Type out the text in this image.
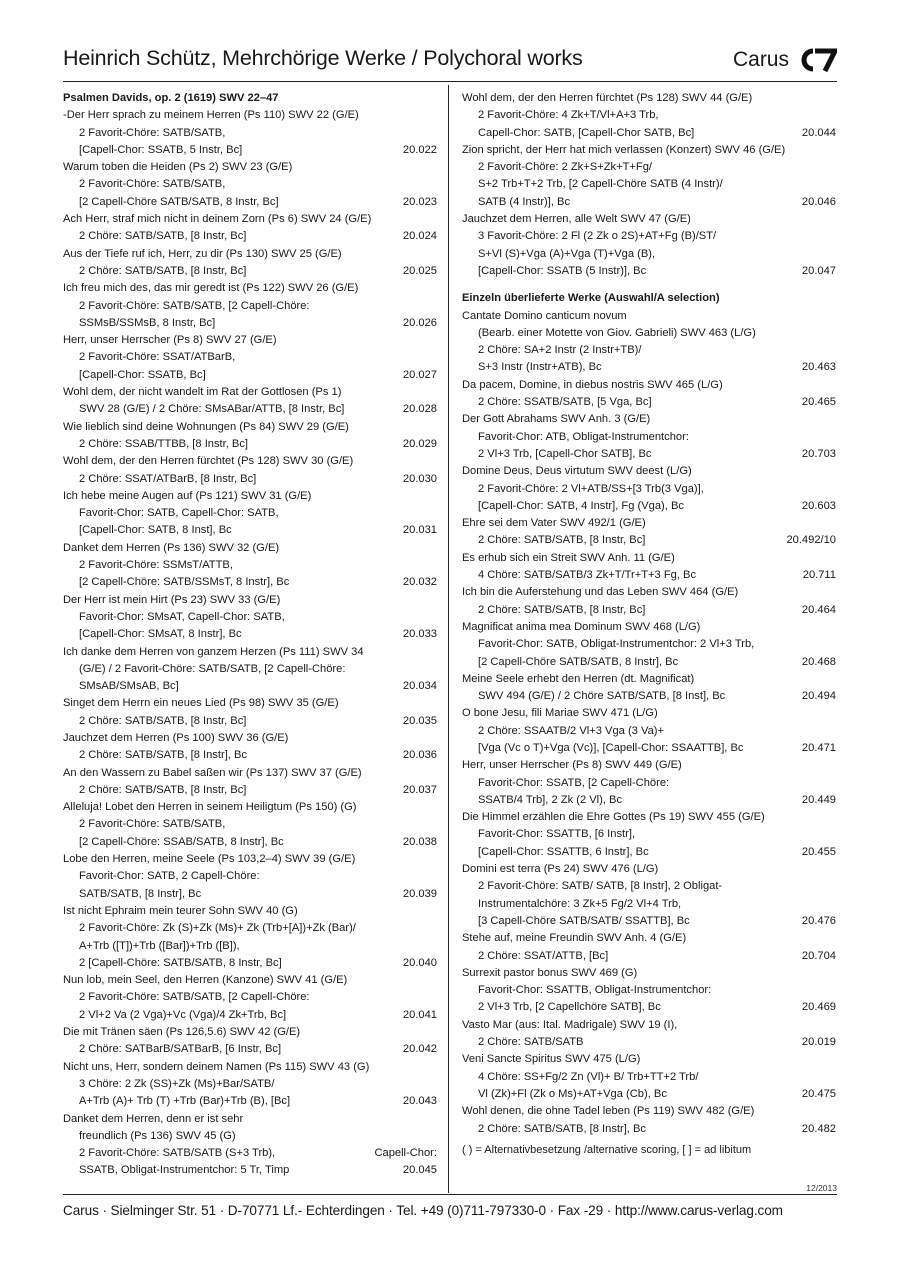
Heinrich Schütz, Mehrchörige Werke / Polychoral works	Carus
Psalmen Davids, op. 2 (1619) SWV 22–47
-Der Herr sprach zu meinem Herren (Ps 110) SWV 22 (G/E)
2 Favorit-Chöre: SATB/SATB,
[Capell-Chor: SSATB, 5 Instr, Bc]	20.022
Warum toben die Heiden (Ps 2) SWV 23 (G/E)
2 Favorit-Chöre: SATB/SATB,
[2 Capell-Chöre SATB/SATB, 8 Instr, Bc]	20.023
Ach Herr, straf mich nicht in deinem Zorn (Ps 6) SWV 24 (G/E)
2 Chöre: SATB/SATB, [8 Instr, Bc]	20.024
Aus der Tiefe ruf ich, Herr, zu dir (Ps 130) SWV 25 (G/E)
2 Chöre: SATB/SATB, [8 Instr, Bc]	20.025
Ich freu mich des, das mir geredt ist (Ps 122) SWV 26 (G/E)
2 Favorit-Chöre: SATB/SATB, [2 Capell-Chöre:
SSMsB/SSMsB, 8 Instr, Bc]	20.026
Herr, unser Herrscher (Ps 8) SWV 27 (G/E)
2 Favorit-Chöre: SSAT/ATBarB,
[Capell-Chor: SSATB, Bc]	20.027
Wohl dem, der nicht wandelt im Rat der Gottlosen (Ps 1)
SWV 28 (G/E) / 2 Chöre: SMsABar/ATTB, [8 Instr, Bc]	20.028
Wie lieblich sind deine Wohnungen (Ps 84) SWV 29 (G/E)
2 Chöre: SSAB/TTBB, [8 Instr, Bc]	20.029
Wohl dem, der den Herren fürchtet (Ps 128) SWV 30 (G/E)
2 Chöre: SSAT/ATBarB, [8 Instr, Bc]	20.030
Ich hebe meine Augen auf (Ps 121) SWV 31 (G/E)
Favorit-Chor: SATB, Capell-Chor: SATB,
[Capell-Chor: SATB, 8 Inst], Bc	20.031
Danket dem Herren (Ps 136) SWV 32 (G/E)
2 Favorit-Chöre: SSMsT/ATTB,
[2 Capell-Chöre: SATB/SSMsT, 8 Instr], Bc	20.032
Der Herr ist mein Hirt (Ps 23) SWV 33 (G/E)
Favorit-Chor: SMsAT, Capell-Chor: SATB,
[Capell-Chor: SMsAT, 8 Instr], Bc	20.033
Ich danke dem Herren von ganzem Herzen (Ps 111) SWV 34
(G/E) / 2 Favorit-Chöre: SATB/SATB, [2 Capell-Chöre:
SMsAB/SMsAB, Bc]	20.034
Singet dem Herrn ein neues Lied (Ps 98) SWV 35 (G/E)
2 Chöre: SATB/SATB, [8 Instr, Bc]	20.035
Jauchzet dem Herren (Ps 100) SWV 36 (G/E)
2 Chöre: SATB/SATB, [8 Instr], Bc	20.036
An den Wassern zu Babel saßen wir (Ps 137) SWV 37 (G/E)
2 Chöre: SATB/SATB, [8 Instr, Bc]	20.037
Alleluja! Lobet den Herren in seinem Heiligtum (Ps 150) (G)
2 Favorit-Chöre: SATB/SATB,
[2 Capell-Chöre: SSAB/SATB, 8 Instr], Bc	20.038
Lobe den Herren, meine Seele (Ps 103,2–4) SWV 39 (G/E)
Favorit-Chor: SATB, 2 Capell-Chöre:
SATB/SATB, [8 Instr], Bc	20.039
Ist nicht Ephraim mein teurer Sohn SWV 40 (G)
2 Favorit-Chöre: Zk (S)+Zk (Ms)+ Zk (Trb+[A])+Zk (Bar)/
A+Trb ([T])+Trb ([Bar])+Trb ([B]),
2 [Capell-Chöre: SATB/SATB, 8 Instr, Bc]	20.040
Nun lob, mein Seel, den Herren (Kanzone) SWV 41 (G/E)
2 Favorit-Chöre: SATB/SATB, [2 Capell-Chöre:
2 Vl+2 Va (2 Vga)+Vc (Vga)/4 Zk+Trb, Bc]	20.041
Die mit Tränen säen (Ps 126,5.6) SWV 42 (G/E)
2 Chöre: SATBarB/SATBarB, [6 Instr, Bc]	20.042
Nicht uns, Herr, sondern deinem Namen (Ps 115) SWV 43 (G)
3 Chöre: 2 Zk (SS)+Zk (Ms)+Bar/SATB/
A+Trb (A)+ Trb (T) +Trb (Bar)+Trb (B), [Bc]	20.043
Danket dem Herren, denn er ist sehr
freundlich (Ps 136) SWV 45 (G)
2 Favorit-Chöre: SATB/SATB (S+3 Trb),	Capell-Chor:
SSATB, Obligat-Instrumentchor: 5 Tr, Timp	20.045
Wohl dem, der den Herren fürchtet (Ps 128) SWV 44 (G/E)
2 Favorit-Chöre: 4 Zk+T/Vl+A+3 Trb,
Capell-Chor: SATB, [Capell-Chor SATB, Bc]	20.044
Zion spricht, der Herr hat mich verlassen (Konzert) SWV 46 (G/E)
2 Favorit-Chöre: 2 Zk+S+Zk+T+Fg/
S+2 Trb+T+2 Trb, [2 Capell-Chöre SATB (4 Instr)/
SATB (4 Instr)], Bc	20.046
Jauchzet dem Herren, alle Welt SWV 47 (G/E)
3 Favorit-Chöre: 2 Fl (2 Zk o 2S)+AT+Fg (B)/ST/
S+Vl (S)+Vga (A)+Vga (T)+Vga (B),
[Capell-Chor: SSATB (5 Instr)], Bc	20.047
Einzeln überlieferte Werke (Auswahl/A selection)
Cantate Domino canticum novum
(Bearb. einer Motette von Giov. Gabrieli) SWV 463 (L/G)
2 Chöre: SA+2 Instr (2 Instr+TB)/
S+3 Instr (Instr+ATB), Bc	20.463
Da pacem, Domine, in diebus nostris SWV 465 (L/G)
2 Chöre: SSATB/SATB, [5 Vga, Bc]	20.465
Der Gott Abrahams SWV Anh. 3 (G/E)
Favorit-Chor: ATB, Obligat-Instrumentchor:
2 Vl+3 Trb, [Capell-Chor SATB], Bc	20.703
Domine Deus, Deus virtutum SWV deest (L/G)
2 Favorit-Chöre: 2 Vl+ATB/SS+[3 Trb(3 Vga)],
[Capell-Chor: SATB, 4 Instr], Fg (Vga), Bc	20.603
Ehre sei dem Vater SWV 492/1 (G/E)
2 Chöre: SATB/SATB, [8 Instr, Bc]	20.492/10
Es erhub sich ein Streit SWV Anh. 11 (G/E)
4 Chöre: SATB/SATB/3 Zk+T/Tr+T+3 Fg, Bc	20.711
Ich bin die Auferstehung und das Leben SWV 464 (G/E)
2 Chöre: SATB/SATB, [8 Instr, Bc]	20.464
Magnificat anima mea Dominum SWV 468 (L/G)
Favorit-Chor: SATB, Obligat-Instrumentchor: 2 Vl+3 Trb,
[2 Capell-Chöre SATB/SATB, 8 Instr], Bc	20.468
Meine Seele erhebt den Herren (dt. Magnificat)
SWV 494 (G/E) / 2 Chöre SATB/SATB, [8 Inst], Bc	20.494
O bone Jesu, fili Mariae SWV 471 (L/G)
2 Chöre: SSAATB/2 Vl+3 Vga (3 Va)+
[Vga (Vc o T)+Vga (Vc)], [Capell-Chor: SSAATTB], Bc	20.471
Herr, unser Herrscher (Ps 8) SWV 449 (G/E)
Favorit-Chor: SSATB, [2 Capell-Chöre:
SSATB/4 Trb], 2 Zk (2 Vl), Bc	20.449
Die Himmel erzählen die Ehre Gottes (Ps 19) SWV 455 (G/E)
Favorit-Chor: SSATTB, [6 Instr],
[Capell-Chor: SSATTB, 6 Instr], Bc	20.455
Domini est terra (Ps 24) SWV 476 (L/G)
2 Favorit-Chöre: SATB/ SATB, [8 Instr], 2 Obligat-
Instrumentalchöre: 3 Zk+5 Fg/2 Vl+4 Trb,
[3 Capell-Chöre SATB/SATB/ SSATTB], Bc	20.476
Stehe auf, meine Freundin SWV Anh. 4 (G/E)
2 Chöre: SSAT/ATTB, [Bc]	20.704
Surrexit pastor bonus SWV 469 (G)
Favorit-Chor: SSATTB, Obligat-Instrumentchor:
2 Vl+3 Trb, [2 Capellchöre SATB], Bc	20.469
Vasto Mar (aus: Ital. Madrigale) SWV 19 (I),
2 Chöre: SATB/SATB	20.019
Veni Sancte Spiritus SWV 475 (L/G)
4 Chöre: SS+Fg/2 Zn (Vl)+ B/ Trb+TT+2 Trb/
Vl (Zk)+Fl (Zk o Ms)+AT+Vga (Cb), Bc	20.475
Wohl denen, die ohne Tadel leben (Ps 119) SWV 482 (G/E)
2 Chöre: SATB/SATB, [8 Instr], Bc	20.482
( ) = Alternativbesetzung /alternative scoring, [ ] = ad libitum
12/2013
Carus · Sielminger Str. 51 · D-70771 Lf.- Echterdingen · Tel. +49 (0)711-797330-0 · Fax -29 · http://www.carus-verlag.com
